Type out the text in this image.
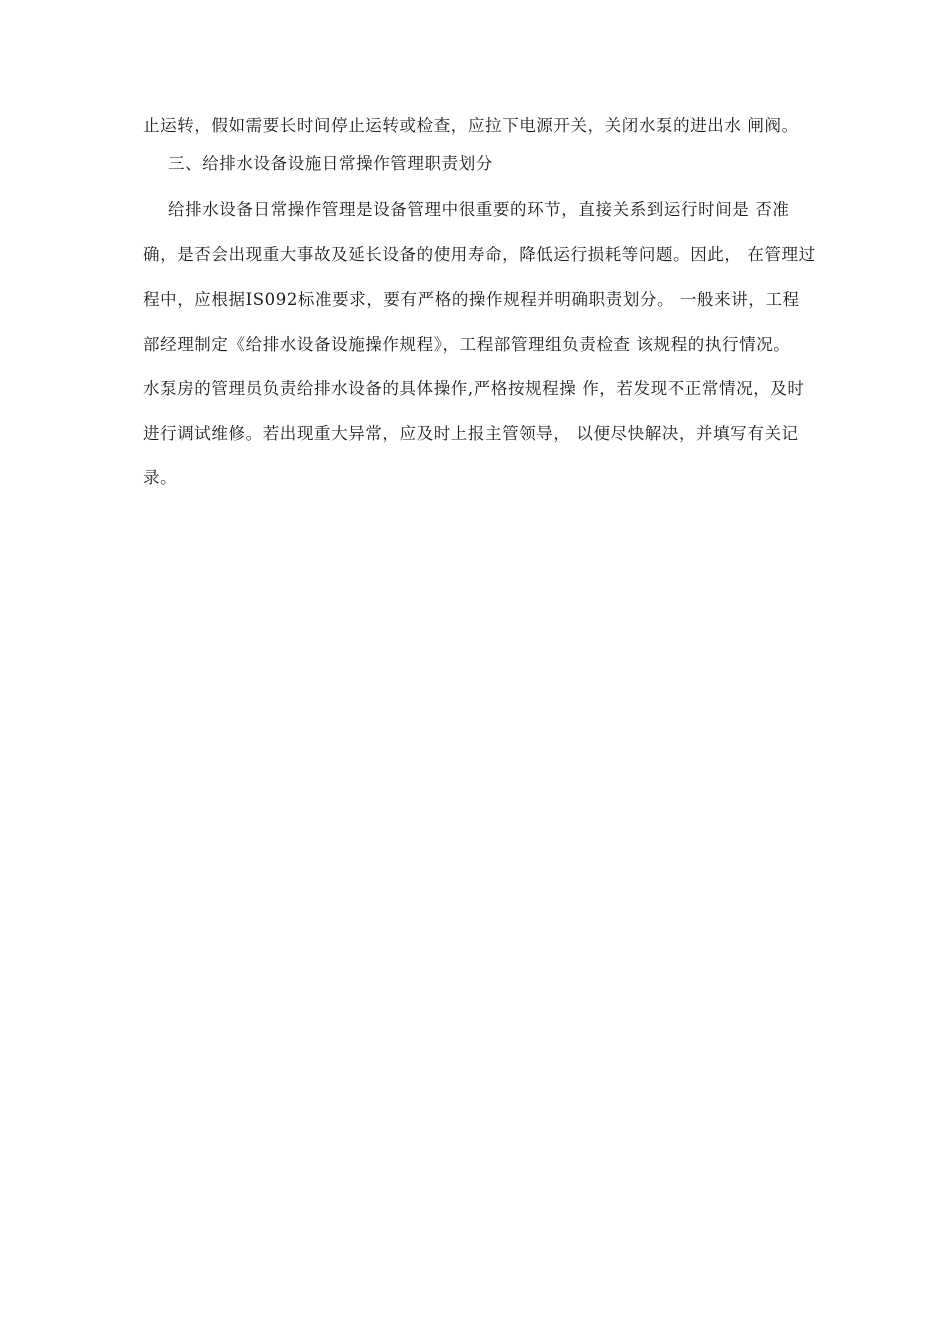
止运转，假如需要长时间停止运转或检查，应拉下电源开关，关闭水泵的进出水 闸阀。
三、给排水设备设施日常操作管理职责划分
给排水设备日常操作管理是设备管理中很重要的环节，直接关系到运行时间是 否准
确，是否会出现重大事故及延长设备的使用寿命，降低运行损耗等问题。因此， 在管理过
程中，应根据IS092标准要求，要有严格的操作规程并明确职责划分。 一般来讲，工程
部经理制定《给排水设备设施操作规程》，工程部管理组负责检查 该规程的执行情况。
水泵房的管理员负责给排水设备的具体操作,严格按规程操 作，若发现不正常情况，及时
进行调试维修。若出现重大异常，应及时上报主管领导， 以便尽快解决，并填写有关记
录。
